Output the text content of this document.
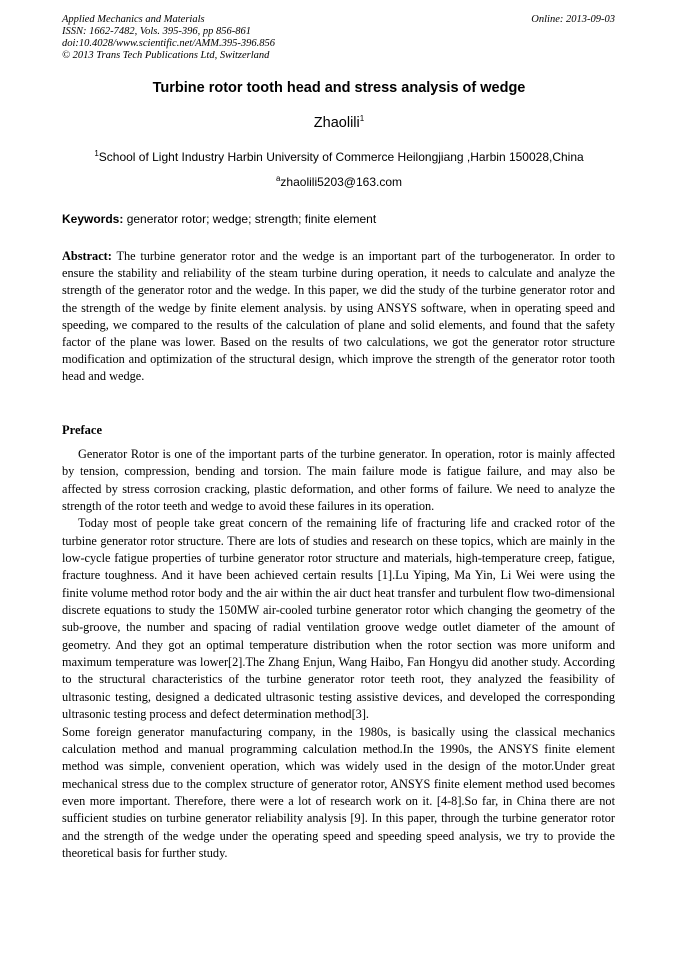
Applied Mechanics and Materials
ISSN: 1662-7482, Vols. 395-396, pp 856-861
doi:10.4028/www.scientific.net/AMM.395-396.856
© 2013 Trans Tech Publications Ltd, Switzerland
Online: 2013-09-03
Turbine rotor tooth head and stress analysis of wedge
Zhaolili$^1$
$^1$School of Light Industry Harbin University of Commerce Heilongjiang ,Harbin 150028,China
$^a$zhaolili5203@163.com
Keywords: generator rotor; wedge; strength; finite element

Abstract: The turbine generator rotor and the wedge is an important part of the turbogenerator. In order to ensure the stability and reliability of the steam turbine during operation, it needs to calculate and analyze the strength of the generator rotor and the wedge. In this paper, we did the study of the turbine generator rotor and the strength of the wedge by finite element analysis. by using ANSYS software, when in operating speed and speeding, we compared to the results of the calculation of plane and solid elements, and found that the safety factor of the plane was lower. Based on the results of two calculations, we got the generator rotor structure modification and optimization of the structural design, which improve the strength of the generator rotor tooth head and wedge.

Preface

Generator Rotor is one of the important parts of the turbine generator. In operation, rotor is mainly affected by tension, compression, bending and torsion. The main failure mode is fatigue failure, and may also be affected by stress corrosion cracking, plastic deformation, and other forms of failure. We need to analyze the strength of the rotor teeth and wedge to avoid these failures in its operation.

Today most of people take great concern of the remaining life of fracturing life and cracked rotor of the turbine generator rotor structure. There are lots of studies and research on these topics, which are mainly in the low-cycle fatigue properties of turbine generator rotor structure and materials, high-temperature creep, fatigue, fracture toughness. And it have been achieved certain results [1].Lu Yiping, Ma Yin, Li Wei were using the finite volume method rotor body and the air within the air duct heat transfer and turbulent flow two-dimensional discrete equations to study the 150MW air-cooled turbine generator rotor which changing the geometry of the sub-groove, the number and spacing of radial ventilation groove wedge outlet diameter of the amount of geometry. And they got an optimal temperature distribution when the rotor section was more uniform and maximum temperature was lower[2].The Zhang Enjun, Wang Haibo, Fan Hongyu did another study. According to the structural characteristics of the turbine generator rotor teeth root, they analyzed the feasibility of ultrasonic testing, designed a dedicated ultrasonic testing assistive devices, and developed the corresponding ultrasonic testing process and defect determination method[3].

Some foreign generator manufacturing company, in the 1980s, is basically using the classical mechanics calculation method and manual programming calculation method.In the 1990s, the ANSYS finite element method was simple, convenient operation, which was widely used in the design of the motor.Under great mechanical stress due to the complex structure of generator rotor, ANSYS finite element method used becomes even more important. Therefore, there were a lot of research work on it. [4-8].So far, in China there are not sufficient studies on turbine generator reliability analysis [9]. In this paper, through the turbine generator rotor and the strength of the wedge under the operating speed and speeding speed analysis, we try to provide the theoretical basis for further study.
